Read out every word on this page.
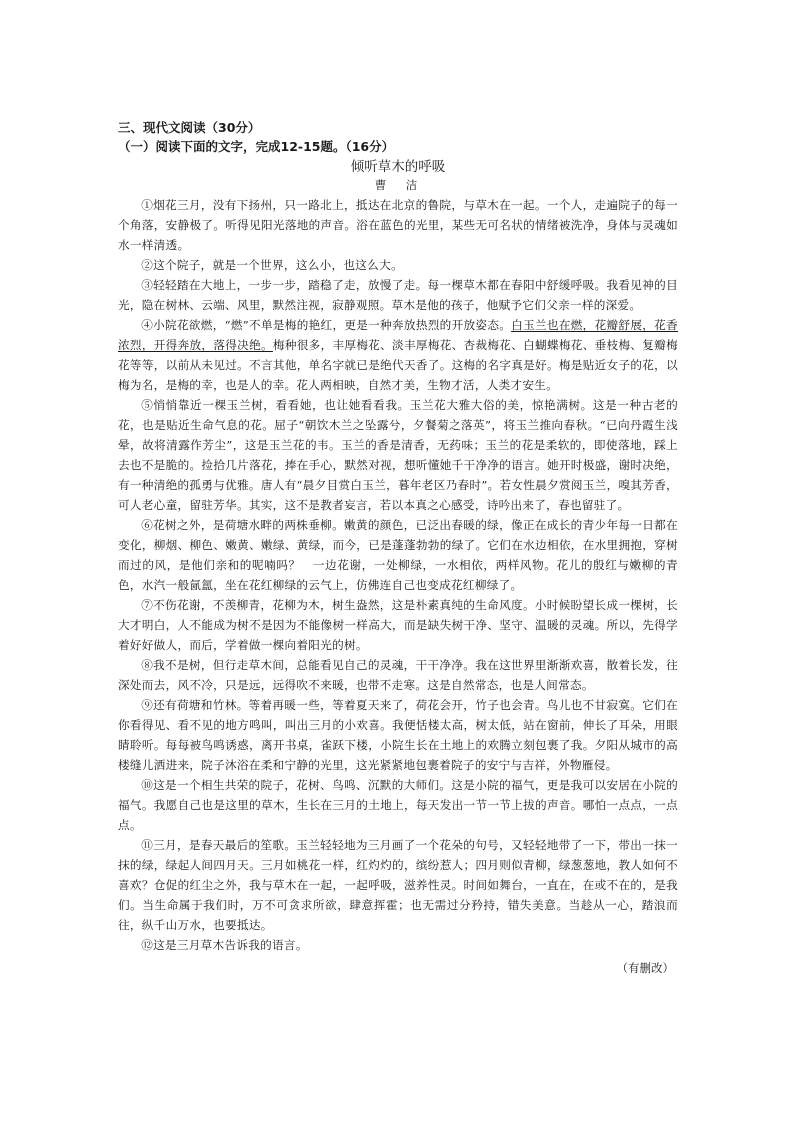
三、现代文阅读（30分）

（一）阅读下面的文字，完成12-15题。（16分）

倾听草木的呼吸

曹　洁

①烟花三月，没有下扬州，只一路北上，抵达在北京的鲁院，与草木在一起。一个人，走遍院子的每一个角落，安静极了。听得见阳光落地的声音。浴在蓝色的光里，某些无可名状的情绪被洗净，身体与灵魂如水一样清透。

②这个院子，就是一个世界，这么小，也这么大。

③轻轻踏在大地上，一步一步，踏稳了走，放慢了走。每一棵草木都在春阳中舒缓呼吸。我看见神的目光，隐在树林、云端、风里，默然注视，寂静观照。草木是他的孩子，他赋予它们父亲一样的深爱。

④小院花欲燃，“燃”不单是梅的艳红，更是一种奔放热烈的开放姿态。白玉兰也在燃，花瓣舒展，花香浓烈，开得奔放，落得决绝。梅种很多，丰厚梅花、淡丰厚梅花、杏裁梅花、白蝴蝶梅花、垂枝梅、复瓣梅花等等，以前从未见过。不言其他，单名字就已是绝代天香了。这梅的名字真是好。梅是贴近女子的花，以梅为名，是梅的幸，也是人的幸。花人两相映，自然才美，生物才活，人类才安生。

⑤悄悄靠近一棵玉兰树，看看她，也让她看看我。玉兰花大雅大俗的美，惊艳满树。这是一种古老的花，也是贴近生命气息的花。屈子“朝饮木兰之坠露兮，夕餐菊之落英”，将玉兰推向春秋。“已向丹霞生浅晕，故将清露作芳尘”，这是玉兰花的韦。玉兰的香是清香，无药味；玉兰的花是柔软的，即使落地，踩上去也不是脆的。捡拾几片落花，捧在手心，默然对视，想听懂她千干净净的语言。她开时极盛，谢时决绝，有一种清绝的孤勇与优雅。唐人有“晨夕目赏白玉兰，暮年老区乃春时”。若女性晨夕赏阅玉兰，嗅其芳香，可人老心童，留驻芳华。其实，这不是教者妄言，若以本真之心感受，诗吟出来了，春也留驻了。

⑥花树之外，是荷塘水畔的两株垂柳。嫩黄的颜色，已泛出春暖的绿，像正在成长的青少年每一日都在变化，柳烟、柳色、嫩黄、嫩绿、黄绿，而今，已是蓬蓬勃勃的绿了。它们在水边相依，在水里拥抱，穿树而过的风，是他们亲和的呢喃吗？　一边花谢，一处柳绿，一水相依，两样风物。花儿的殷红与嫩柳的青色，水汽一般氤氲，坐在花红柳绿的云气上，仿佛连自己也变成花红柳绿了。

⑦不伤花谢，不羡柳青，花柳为木，树生盎然，这是朴素真纯的生命风度。小时候盼望长成一棵树，长大才明白，人不能成为树不是因为不能像树一样高大，而是缺失树干净、坚守、温暖的灵魂。所以，先得学着好好做人，而后，学着做一棵向着阳光的树。

⑧我不是树，但行走草木间，总能看见自己的灵魂，干干净净。我在这世界里渐渐欢喜，散着长发，往深处而去，风不冷，只是远，远得吹不来暖，也带不走寒。这是自然常态，也是人间常态。

⑨还有荷塘和竹林。等着再暖一些，等着夏天来了，荷花会开，竹子也会青。鸟儿也不甘寂寞。它们在你看得见、看不见的地方鸣叫，叫出三月的小欢喜。我便恬楼太高，树太低，站在窗前，伸长了耳朵，用眼睛聆听。每每被鸟鸣诱惑，离开书桌，雀跃下楼，小院生长在土地上的欢腾立刻包裹了我。夕阳从城市的高楼缝儿洒进来，院子沐浴在柔和宁静的光里，这光紧紧地包裹着院子的安宁与吉祥，外物雁侵。

⑩这是一个相生共荣的院子，花树、鸟鸣、沉默的大师们。这是小院的福气，更是我可以安居在小院的福气。我愿自己也是这里的草木，生长在三月的土地上，每天发出一节一节上拔的声音。哪怕一点点，一点点。

⑪三月，是春天最后的笙歌。玉兰轻轻地为三月画了一个花朵的句号，又轻轻地带了一下，带出一抹一抹的绿，绿起人间四月天。三月如桃花一样，红灼灼的，缤纷惹人；四月则似青柳，绿葱葱地，教人如何不喜欢？仓促的红尘之外，我与草木在一起，一起呼吸，滋养性灵。时间如舞台，一直在，在或不在的，是我们。当生命属于我们时，万不可贪求所欲，肆意挥霍；也无需过分矜持，错失美意。当趁从一心，踏浪而往，纵千山万水，也要抵达。

⑫这是三月草木告诉我的语言。

（有删改）
